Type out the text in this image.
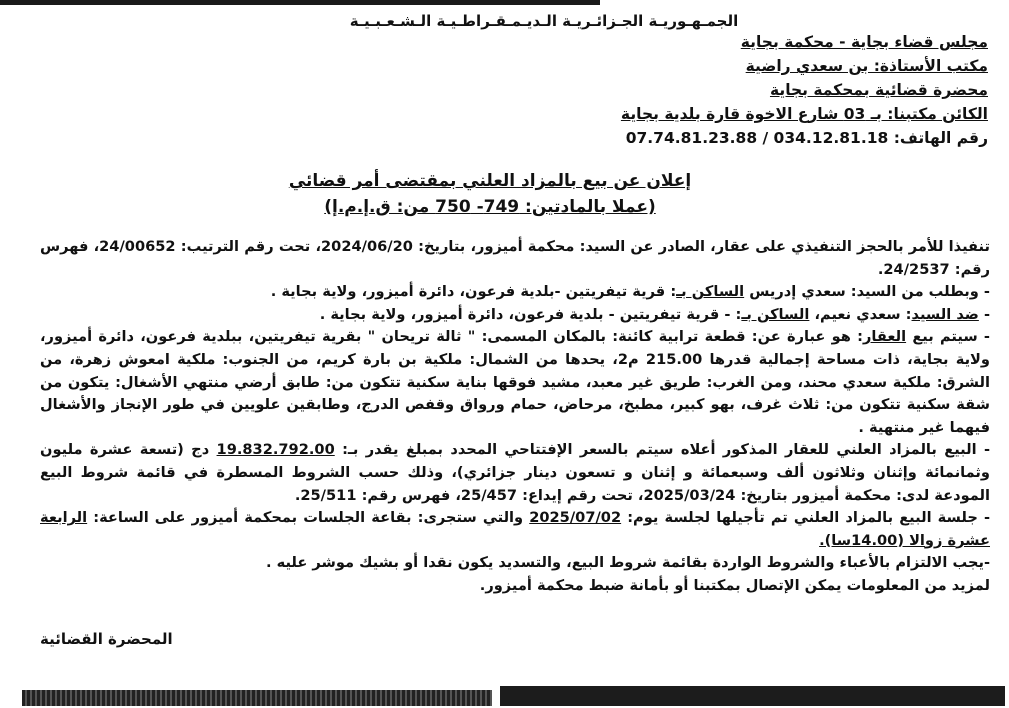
الجمـهـوريـة الجـزائـريـة الـديـمـقـراطـيـة الـشـعـبـيـة
مجلس قضاء بجاية - محكمة بجاية
مكتب الأستاذة: بن سعدي راضية
محضرة قضائية بمحكمة بجاية
الكائن مكتبنا: بـ 03 شارع الاخوة قارة بلدية بجاية
رقم الهاتف: 07.74.81.23.88 / 034.12.81.18
إعلان عن بيع بالمزاد العلني بمقتضى أمر قضائي
(عملا بالمادتين: 749- 750 من: ق.إ.م.إ)

تنفيذا للأمر بالحجز التنفيذي على عقار، الصادر عن السيد: محكمة أميزور، بتاريخ: 2024/06/20، تحت رقم الترتيب: 24/00652، فهرس رقم: 24/2537.

- وبطلب من السيد: سعدي إدريس الساكن بـ: قرية تيفريتين -بلدية فرعون، دائرة أميزور، ولاية بجاية .

- ضد السيد: سعدي نعيم، الساكن بـ: - قرية تيفريتين - بلدية فرعون، دائرة أميزور، ولاية بجاية .

- سيتم بيع العقار: هو عبارة عن: قطعة ترابية كائنة: بالمكان المسمى: " ثالة تريحان " بقرية تيفريتين، ببلدية فرعون، دائرة أميزور، ولاية بجاية، ذات مساحة إجمالية قدرها 215.00 م2، يحدها من الشمال: ملكية بن بارة كريم، من الجنوب: ملكية امعوش زهرة، من الشرق: ملكية سعدي محند، ومن الغرب: طريق غير معبد، مشيد فوقها بناية سكنية تتكون من: طابق أرضي منتهي الأشغال: يتكون من شقة سكنية تتكون من: ثلاث غرف، بهو كبير، مطبخ، مرحاض، حمام ورواق وقفص الدرج، وطابقين علويين في طور الإنجاز والأشغال فيهما غير منتهية .

- البيع بالمزاد العلني للعقار المذكور أعلاه سيتم بالسعر الإفتتاحي المحدد بمبلغ يقدر بـ: 19.832.792.00 دج (تسعة عشرة مليون وثمانمائة وإثنان وثلاثون ألف وسبعمائة و إثنان و تسعون دينار جزائري)، وذلك حسب الشروط المسطرة في قائمة شروط البيع المودعة لدى: محكمة أميزور بتاريخ: 2025/03/24، تحت رقم إيداع: 25/457، فهرس رقم: 25/511.

- جلسة البيع بالمزاد العلني تم تأجيلها لجلسة يوم: 2025/07/02 والتي ستجرى: بقاعة الجلسات بمحكمة أميزور على الساعة: الرابعة عشرة زوالا (14.00سا).

-يجب الالتزام بالأعباء والشروط الواردة بقائمة شروط البيع، والتسديد يكون نقدا أو بشيك موشر عليه .

لمزيد من المعلومات يمكن الإتصال بمكتبنا أو بأمانة ضبط محكمة أميزور.

المحضرة القضائية
